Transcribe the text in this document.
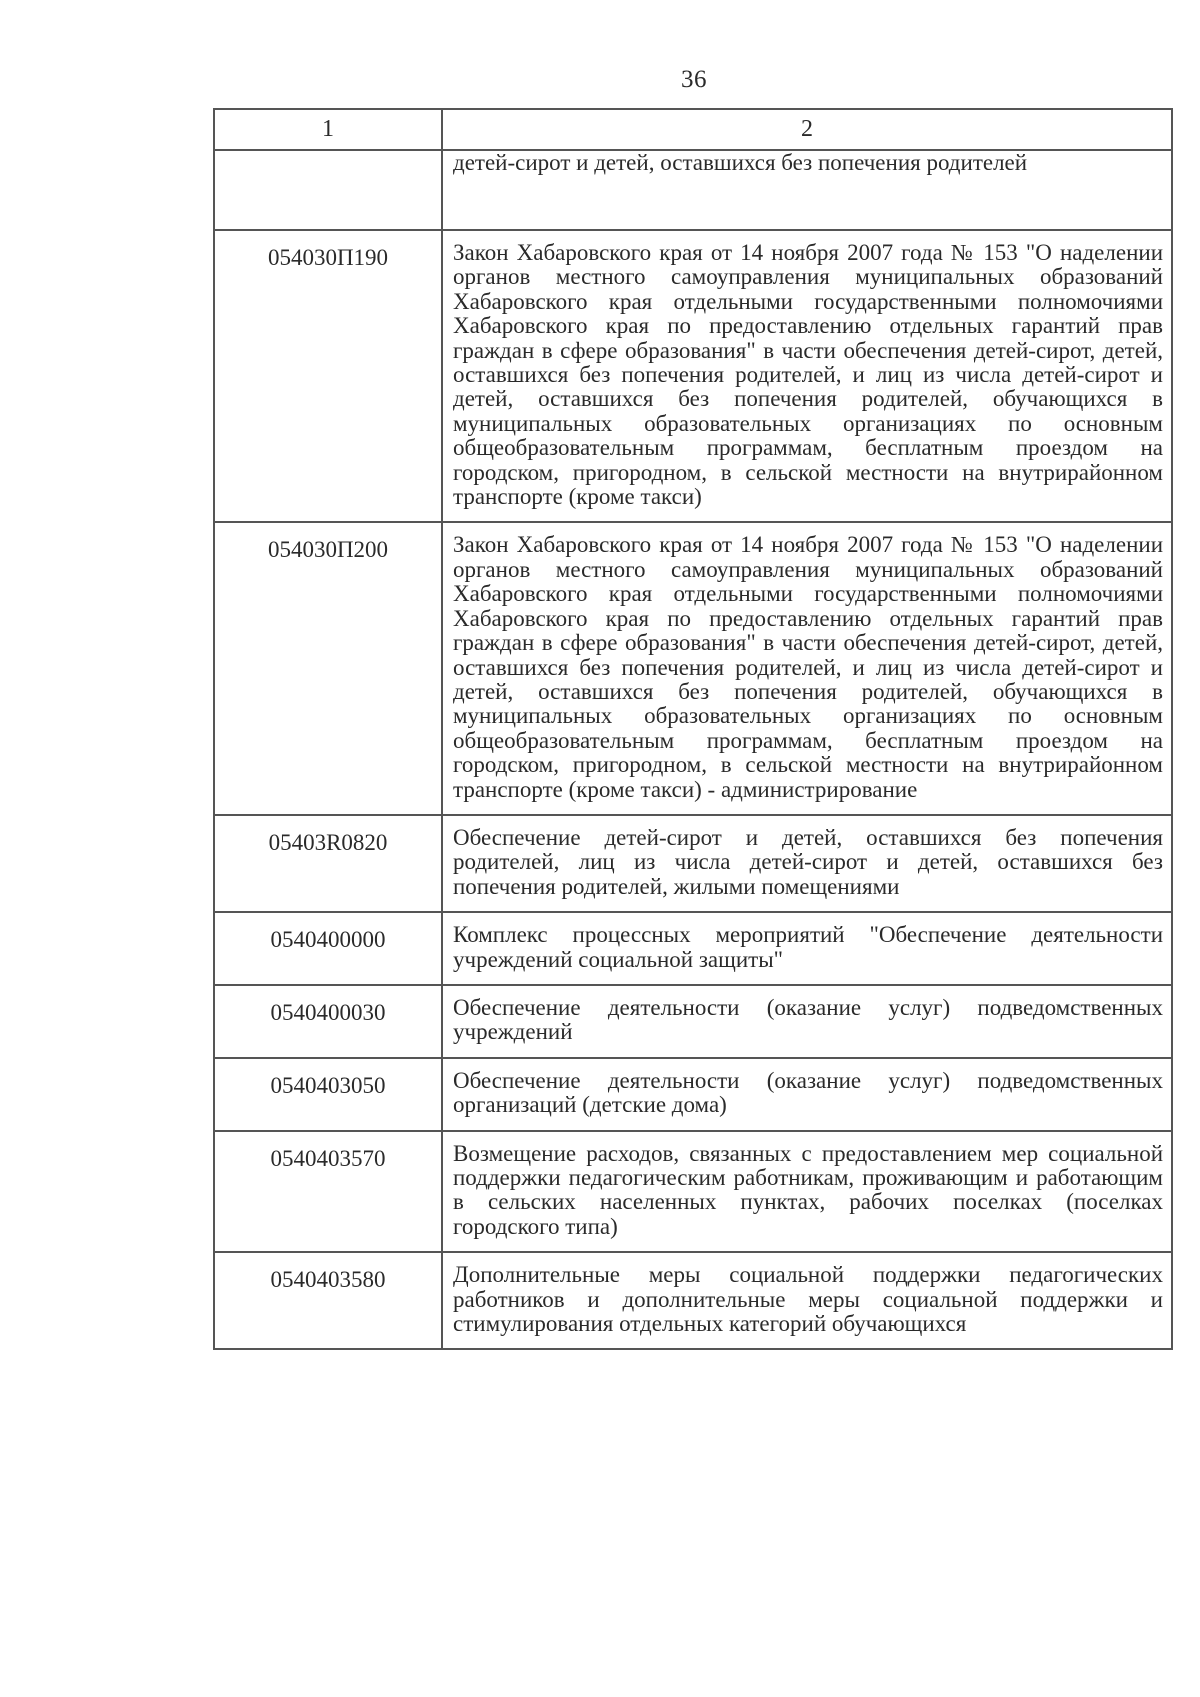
36
1	2
	детей-сирот и детей, оставшихся без попечения родителей
054030П190	Закон Хабаровского края от 14 ноября 2007 года № 153 "О наделении органов местного самоуправления муниципальных образований Хабаровского края отдельными государственными полномочиями Хабаровского края по предоставлению отдельных гарантий прав граждан в сфере образования" в части обеспечения детей-сирот, детей, оставшихся без попечения родителей, и лиц из числа детей-сирот и детей, оставшихся без попечения родителей, обучающихся в муниципальных образовательных организациях по основным общеобразовательным программам, бесплатным проездом на городском, пригородном, в сельской местности на внутрирайонном транспорте (кроме такси)
054030П200	Закон Хабаровского края от 14 ноября 2007 года № 153 "О наделении органов местного самоуправления муниципальных образований Хабаровского края отдельными государственными полномочиями Хабаровского края по предоставлению отдельных гарантий прав граждан в сфере образования" в части обеспечения детей-сирот, детей, оставшихся без попечения родителей, и лиц из числа детей-сирот и детей, оставшихся без попечения родителей, обучающихся в муниципальных образовательных организациях по основным общеобразовательным программам, бесплатным проездом на городском, пригородном, в сельской местности на внутрирайонном транспорте (кроме такси) - администрирование
05403R0820	Обеспечение детей-сирот и детей, оставшихся без попечения родителей, лиц из числа детей-сирот и детей, оставшихся без попечения родителей, жилыми помещениями
0540400000	Комплекс процессных мероприятий "Обеспечение деятельности учреждений социальной защиты"
0540400030	Обеспечение деятельности (оказание услуг) подведомственных учреждений
0540403050	Обеспечение деятельности (оказание услуг) подведомственных организаций (детские дома)
0540403570	Возмещение расходов, связанных с предоставлением мер социальной поддержки педагогическим работникам, проживающим и работающим в сельских населенных пунктах, рабочих поселках (поселках городского типа)
0540403580	Дополнительные меры социальной поддержки педагогических работников и дополнительные меры социальной поддержки и стимулирования отдельных категорий обучающихся
